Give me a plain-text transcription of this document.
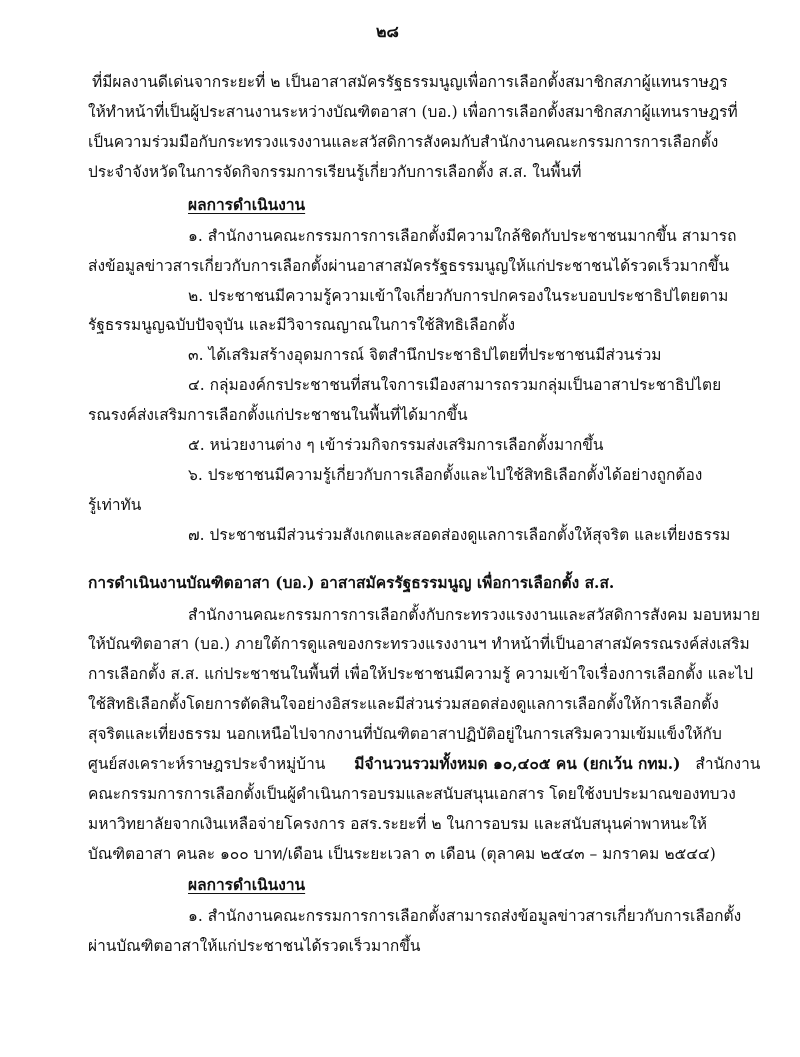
๒๘
ที่มีผลงานดีเด่นจากระยะที่ ๒ เป็นอาสาสมัครรัฐธรรมนูญเพื่อการเลือกตั้งสมาชิกสภาผู้แทนราษฎร
ให้ทำหน้าที่เป็นผู้ประสานงานระหว่างบัณฑิตอาสา (บอ.) เพื่อการเลือกตั้งสมาชิกสภาผู้แทนราษฎรที่
เป็นความร่วมมือกับกระทรวงแรงงานและสวัสดิการสังคมกับสำนักงานคณะกรรมการการเลือกตั้ง
ประจำจังหวัดในการจัดกิจกรรมการเรียนรู้เกี่ยวกับการเลือกตั้ง ส.ส. ในพื้นที่
ผลการดำเนินงาน
๑. สำนักงานคณะกรรมการการเลือกตั้งมีความใกล้ชิดกับประชาชนมากขึ้น สามารถ
ส่งข้อมูลข่าวสารเกี่ยวกับการเลือกตั้งผ่านอาสาสมัครรัฐธรรมนูญให้แก่ประชาชนได้รวดเร็วมากขึ้น
๒. ประชาชนมีความรู้ความเข้าใจเกี่ยวกับการปกครองในระบอบประชาธิปไตยตาม
รัฐธรรมนูญฉบับปัจจุบัน และมีวิจารณญาณในการใช้สิทธิเลือกตั้ง
๓. ได้เสริมสร้างอุดมการณ์ จิตสำนึกประชาธิปไตยที่ประชาชนมีส่วนร่วม
๔. กลุ่มองค์กรประชาชนที่สนใจการเมืองสามารถรวมกลุ่มเป็นอาสาประชาธิปไตย
รณรงค์ส่งเสริมการเลือกตั้งแก่ประชาชนในพื้นที่ได้มากขึ้น
๕. หน่วยงานต่าง ๆ เข้าร่วมกิจกรรมส่งเสริมการเลือกตั้งมากขึ้น
๖. ประชาชนมีความรู้เกี่ยวกับการเลือกตั้งและไปใช้สิทธิเลือกตั้งได้อย่างถูกต้อง
รู้เท่าทัน
๗. ประชาชนมีส่วนร่วมสังเกตและสอดส่องดูแลการเลือกตั้งให้สุจริต และเที่ยงธรรม
การดำเนินงานบัณฑิตอาสา (บอ.) อาสาสมัครรัฐธรรมนูญ เพื่อการเลือกตั้ง ส.ส.
สำนักงานคณะกรรมการการเลือกตั้งกับกระทรวงแรงงานและสวัสดิการสังคม มอบหมาย
ให้บัณฑิตอาสา (บอ.) ภายใต้การดูแลของกระทรวงแรงงานฯ ทำหน้าที่เป็นอาสาสมัครรณรงค์ส่งเสริม
การเลือกตั้ง ส.ส. แก่ประชาชนในพื้นที่ เพื่อให้ประชาชนมีความรู้ ความเข้าใจเรื่องการเลือกตั้ง และไป
ใช้สิทธิเลือกตั้งโดยการตัดสินใจอย่างอิสระและมีส่วนร่วมสอดส่องดูแลการเลือกตั้งให้การเลือกตั้ง
สุจริตและเที่ยงธรรม นอกเหนือไปจากงานที่บัณฑิตอาสาปฏิบัติอยู่ในการเสริมความเข้มแข็งให้กับ
ศูนย์สงเคราะห์ราษฎรประจำหมู่บ้าน มีจำนวนรวมทั้งหมด ๑๐,๔๐๕ คน (ยกเว้น กทม.) สำนักงาน
คณะกรรมการการเลือกตั้งเป็นผู้ดำเนินการอบรมและสนับสนุนเอกสาร โดยใช้งบประมาณของทบวง
มหาวิทยาลัยจากเงินเหลือจ่ายโครงการ อสร.ระยะที่ ๒ ในการอบรม และสนับสนุนค่าพาหนะให้
บัณฑิตอาสา คนละ ๑๐๐ บาท/เดือน เป็นระยะเวลา ๓ เดือน (ตุลาคม ๒๕๔๓ – มกราคม ๒๕๔๔)
ผลการดำเนินงาน
๑. สำนักงานคณะกรรมการการเลือกตั้งสามารถส่งข้อมูลข่าวสารเกี่ยวกับการเลือกตั้ง
ผ่านบัณฑิตอาสาให้แก่ประชาชนได้รวดเร็วมากขึ้น
